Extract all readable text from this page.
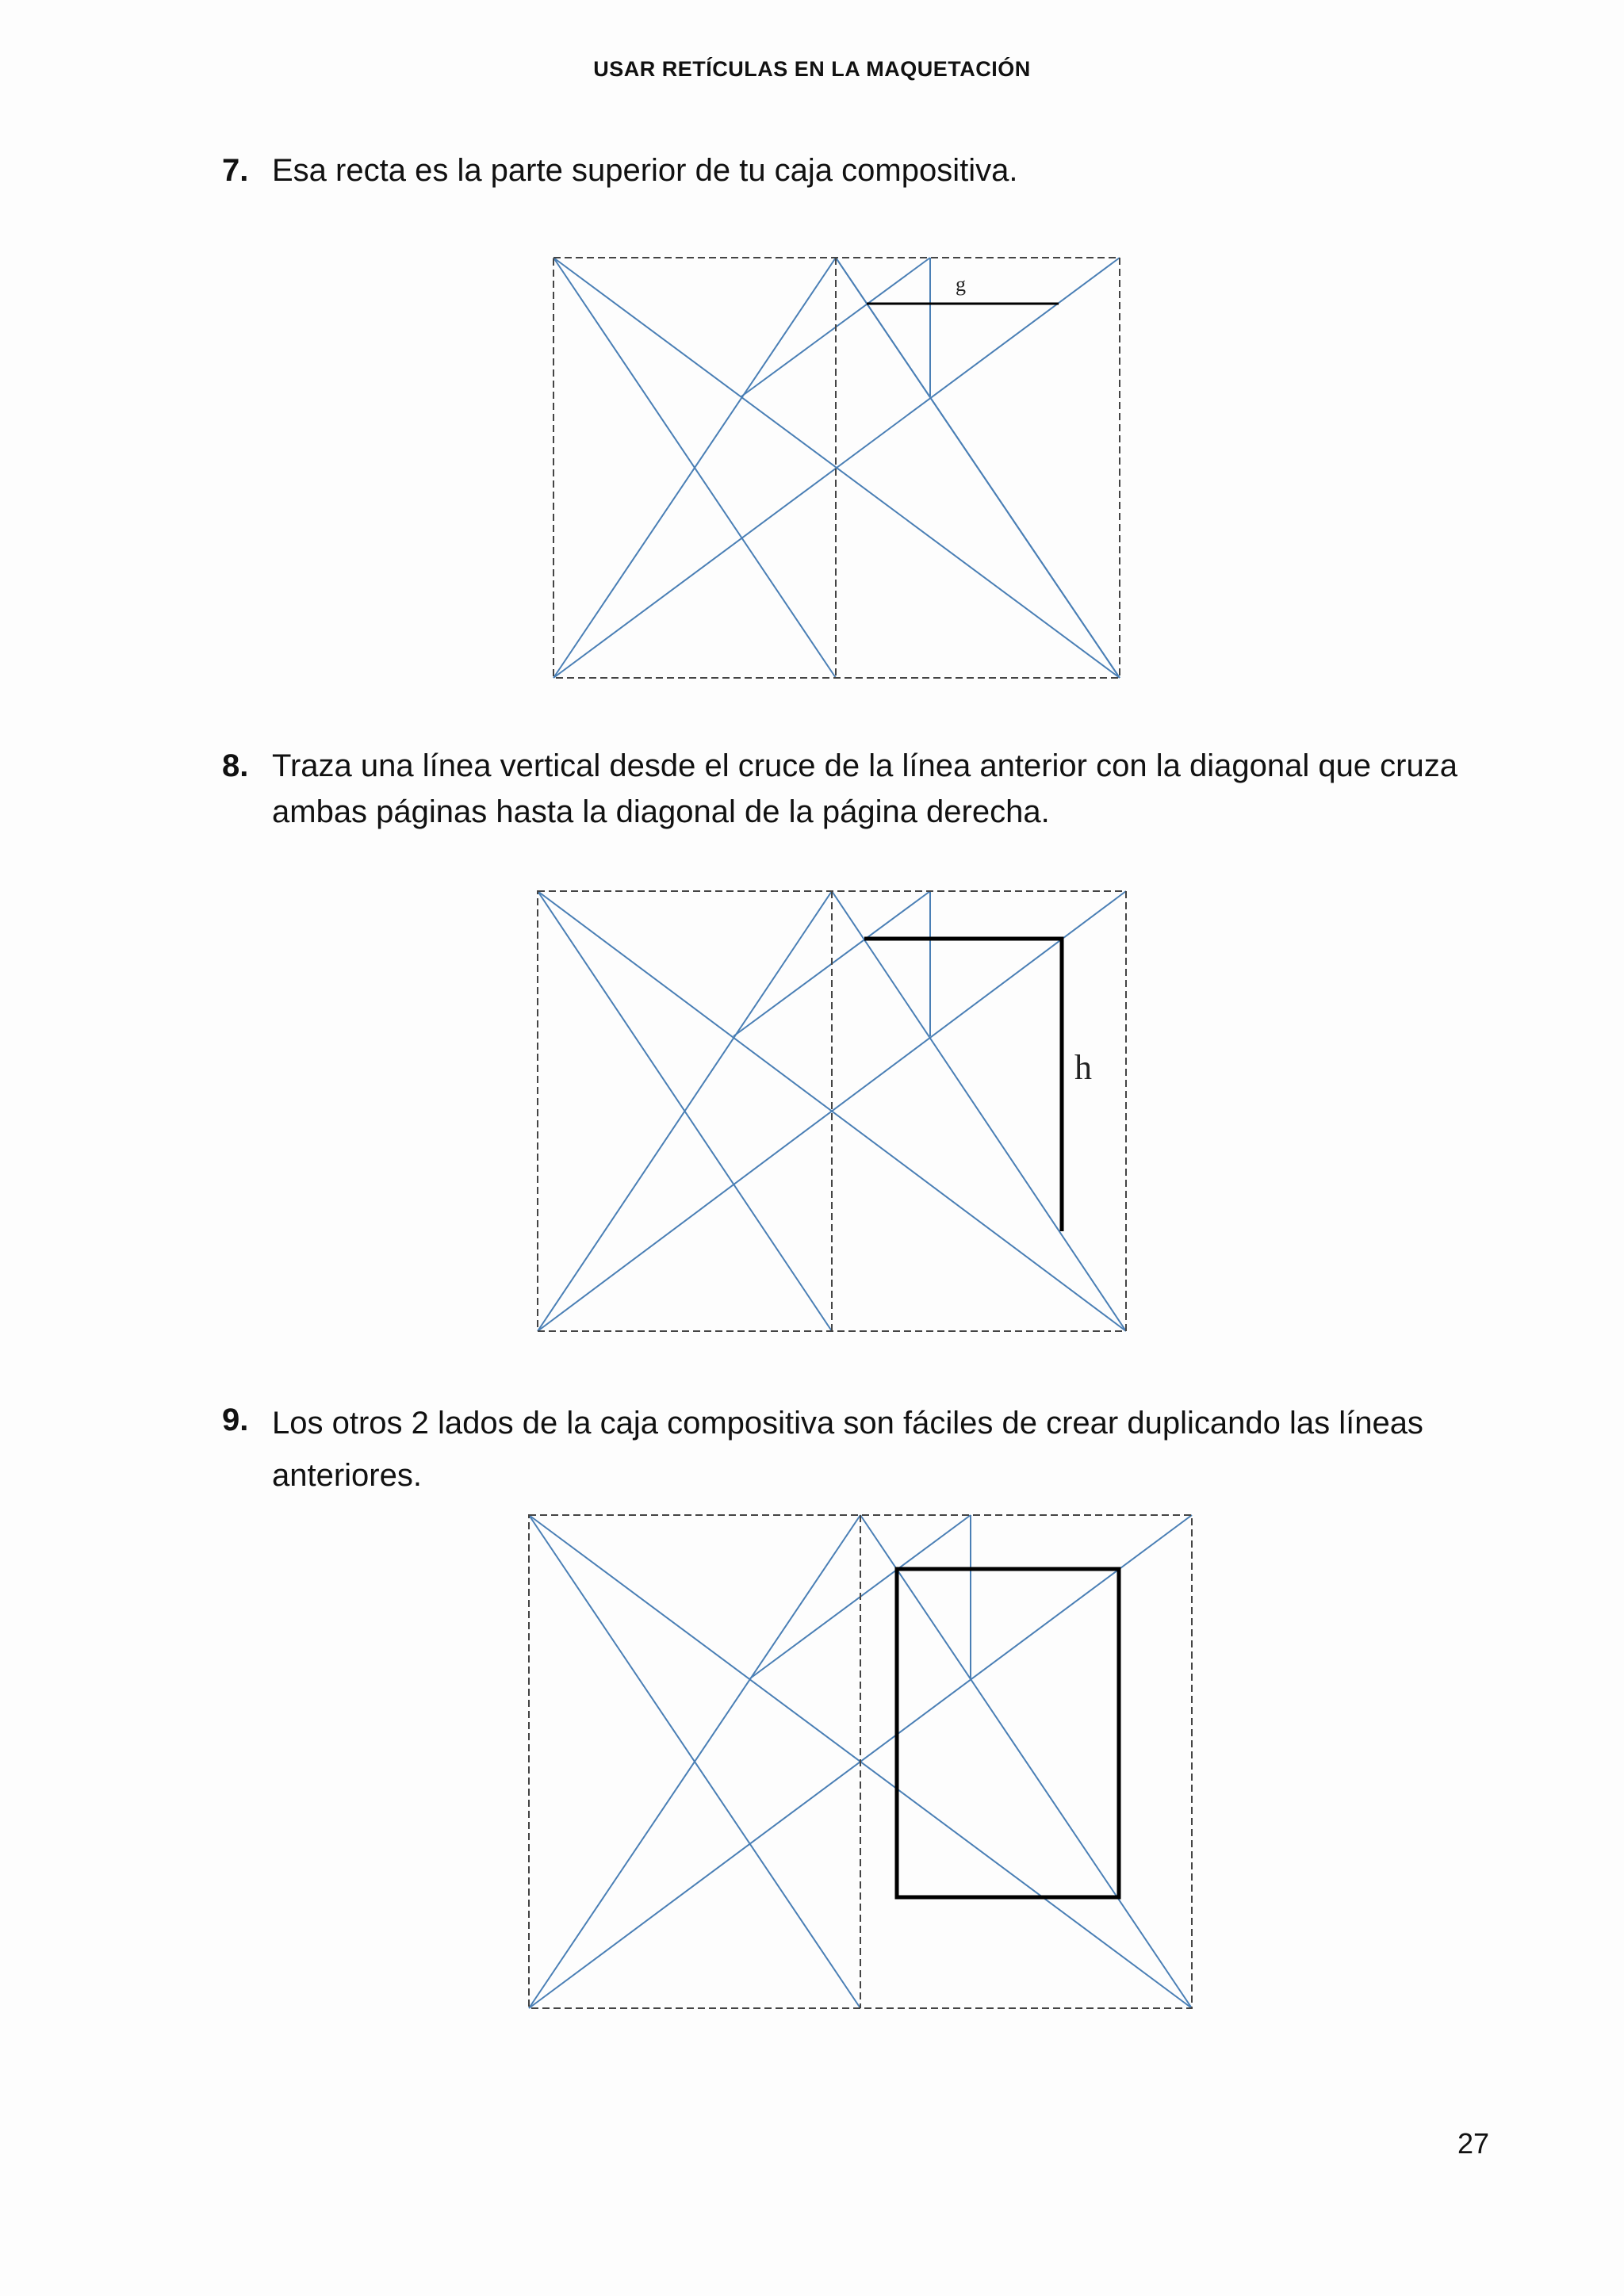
USAR RETÍCULAS EN LA MAQUETACIÓN
7. Esa recta es la parte superior de tu caja compositiva.
g
8. Traza una línea vertical desde el cruce de la línea anterior con la diagonal que cruza ambas páginas hasta la diagonal de la página derecha.
h
9. Los otros 2 lados de la caja compositiva son fáciles de crear duplicando las líneas anteriores.
27
